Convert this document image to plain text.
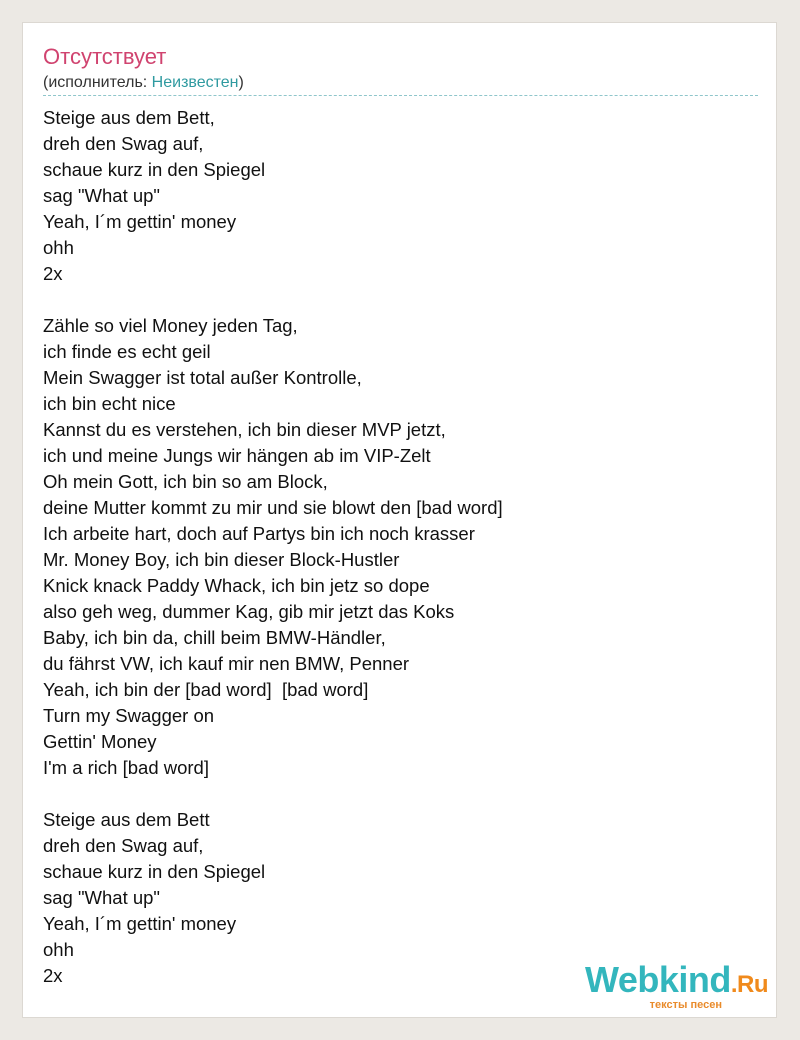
Отсутствует
(исполнитель: Неизвестен)
Steige aus dem Bett,
dreh den Swag auf,
schaue kurz in den Spiegel
sag "What up"
Yeah, I´m gettin' money
ohh
2x
Zähle so viel Money jeden Tag,
ich finde es echt geil
Mein Swagger ist total außer Kontrolle,
ich bin echt nice
Kannst du es verstehen, ich bin dieser MVP jetzt,
ich und meine Jungs wir hängen ab im VIP-Zelt
Oh mein Gott, ich bin so am Block,
deine Mutter kommt zu mir und sie blowt den [bad word]
Ich arbeite hart, doch auf Partys bin ich noch krasser
Mr. Money Boy, ich bin dieser Block-Hustler
Knick knack Paddy Whack, ich bin jetz so dope
also geh weg, dummer Kag, gib mir jetzt das Koks
Baby, ich bin da, chill beim BMW-Händler,
du fährst VW, ich kauf mir nen BMW, Penner
Yeah, ich bin der [bad word]  [bad word]
Turn my Swagger on
Gettin' Money
I'm a rich [bad word]
Steige aus dem Bett
dreh den Swag auf,
schaue kurz in den Spiegel
sag "What up"
Yeah, I´m gettin' money
ohh
2x	Webkind.Ru
тексты песен
